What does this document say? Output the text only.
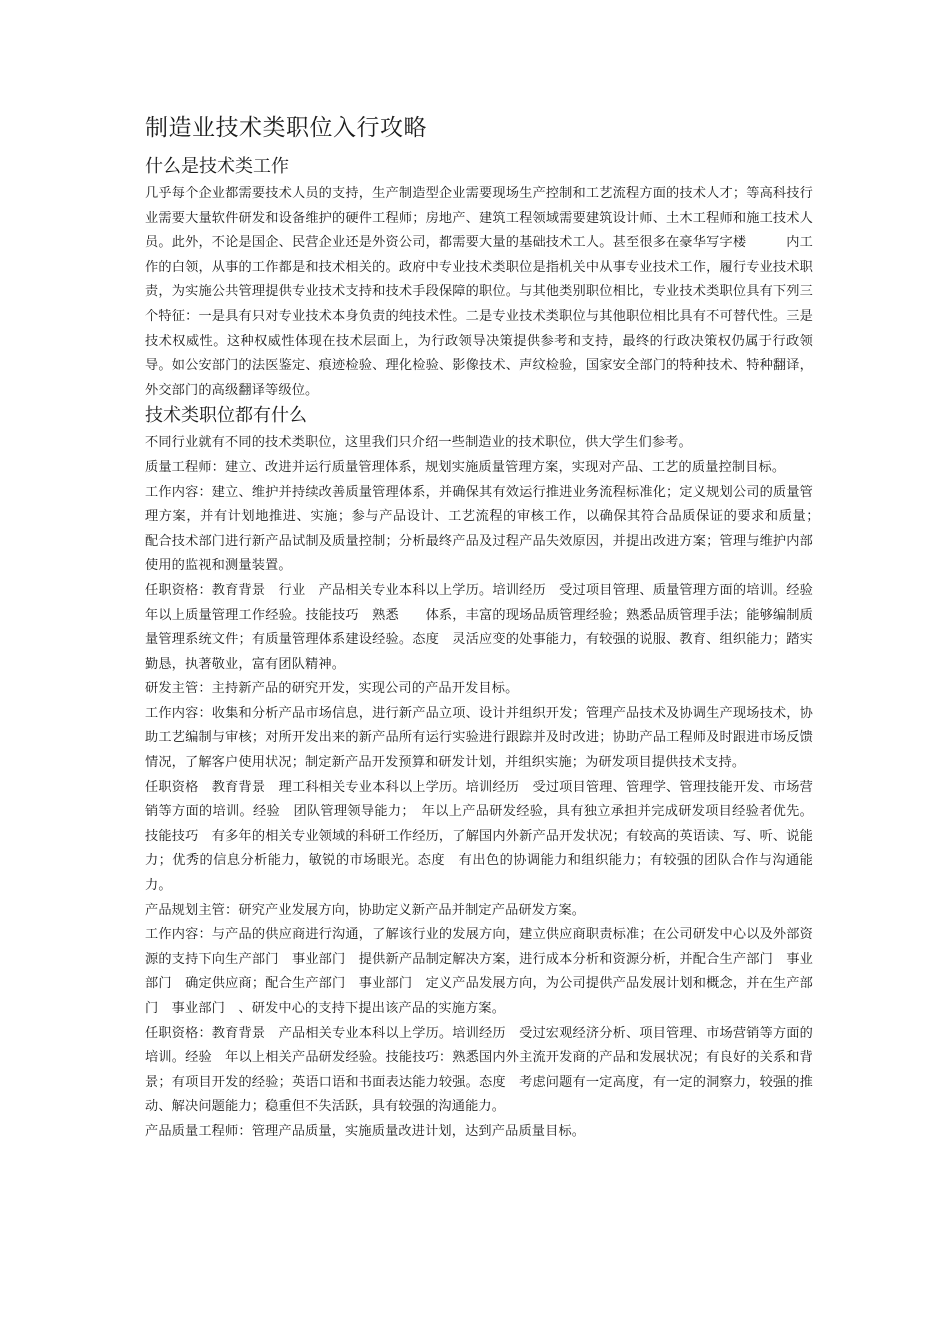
制造业技术类职位入行攻略
什么是技术类工作

几乎每个企业都需要技术人员的支持，生产制造型企业需要现场生产控制和工艺流程方面的技术人才；等高科技行业需要大量软件研发和设备维护的硬件工程师；房地产、建筑工程领域需要建筑设计师、土木工程师和施工技术人员。此外，不论是国企、民营企业还是外资公司，都需要大量的基础技术工人。甚至很多在豪华写字楼　　　内工作的白领，从事的工作都是和技术相关的。政府中专业技术类职位是指机关中从事专业技术工作，履行专业技术职责，为实施公共管理提供专业技术支持和技术手段保障的职位。与其他类别职位相比，专业技术类职位具有下列三个特征：一是具有只对专业技术本身负责的纯技术性。二是专业技术类职位与其他职位相比具有不可替代性。三是技术权威性。这种权威性体现在技术层面上，为行政领导决策提供参考和支持，最终的行政决策权仍属于行政领导。如公安部门的法医鉴定、痕迹检验、理化检验、影像技术、声纹检验，国家安全部门的特种技术、特种翻译，外交部门的高级翻译等级位。

技术类职位都有什么

不同行业就有不同的技术类职位，这里我们只介绍一些制造业的技术职位，供大学生们参考。

质量工程师：建立、改进并运行质量管理体系，规划实施质量管理方案，实现对产品、工艺的质量控制目标。

工作内容：建立、维护并持续改善质量管理体系，并确保其有效运行推进业务流程标准化；定义规划公司的质量管理方案，并有计划地推进、实施；参与产品设计、工艺流程的审核工作，以确保其符合品质保证的要求和质量；　配合技术部门进行新产品试制及质量控制；分析最终产品及过程产品失效原因，并提出改进方案；管理与维护内部使用的监视和测量装置。

任职资格：教育背景　行业　产品相关专业本科以上学历。培训经历　受过项目管理、质量管理方面的培训。经验　年以上质量管理工作经验。技能技巧　熟悉　　体系，丰富的现场品质管理经验；熟悉品质管理手法；能够编制质量管理系统文件；有质量管理体系建设经验。态度　灵活应变的处事能力，有较强的说服、教育、组织能力；踏实勤恳，执著敬业，富有团队精神。

研发主管：主持新产品的研究开发，实现公司的产品开发目标。

工作内容：收集和分析产品市场信息，进行新产品立项、设计并组织开发；管理产品技术及协调生产现场技术，协助工艺编制与审核；对所开发出来的新产品所有运行实验进行跟踪并及时改进；协助产品工程师及时跟进市场反馈情况，了解客户使用状况；制定新产品开发预算和研发计划，并组织实施；为研发项目提供技术支持。

任职资格　教育背景　理工科相关专业本科以上学历。培训经历　受过项目管理、管理学、管理技能开发、市场营销等方面的培训。经验　团队管理领导能力；　年以上产品研发经验，具有独立承担并完成研发项目经验者优先。技能技巧　有多年的相关专业领域的科研工作经历，了解国内外新产品开发状况；有较高的英语读、写、听、说能力；优秀的信息分析能力，敏锐的市场眼光。态度　有出色的协调能力和组织能力；有较强的团队合作与沟通能力。

产品规划主管：研究产业发展方向，协助定义新产品并制定产品研发方案。

工作内容：与产品的供应商进行沟通，了解该行业的发展方向，建立供应商职责标准；在公司研发中心以及外部资源的支持下向生产部门　事业部门　提供新产品制定解决方案，进行成本分析和资源分析，并配合生产部门　事业部门　确定供应商；配合生产部门　事业部门　定义产品发展方向，为公司提供产品发展计划和概念，并在生产部门　事业部门　、研发中心的支持下提出该产品的实施方案。

任职资格：教育背景　产品相关专业本科以上学历。培训经历　受过宏观经济分析、项目管理、市场营销等方面的培训。经验　年以上相关产品研发经验。技能技巧：熟悉国内外主流开发商的产品和发展状况；有良好的关系和背景；有项目开发的经验；英语口语和书面表达能力较强。态度　考虑问题有一定高度，有一定的洞察力，较强的推动、解决问题能力；稳重但不失活跃，具有较强的沟通能力。

产品质量工程师：管理产品质量，实施质量改进计划，达到产品质量目标。
